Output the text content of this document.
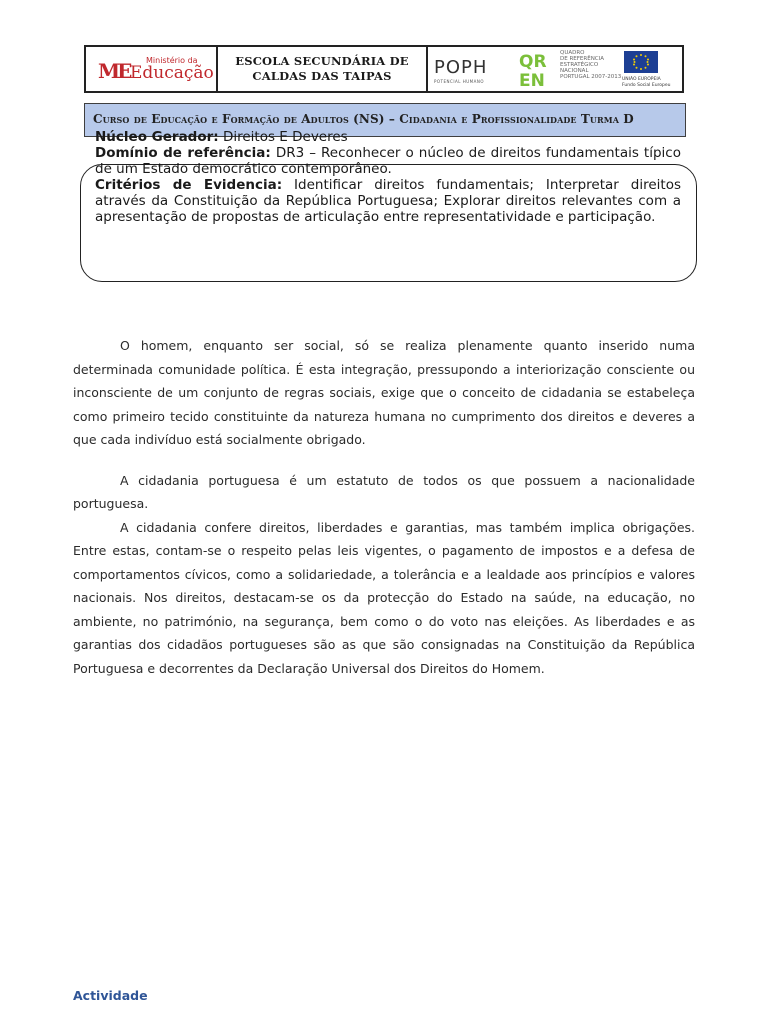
ME Ministério da
Educação
ESCOLA SECUNDÁRIA DE
CALDAS DAS TAIPAS POPH
POTENCIAL HUMANO
QR
EN
QUADRO
DE REFERÊNCIA
ESTRATÉGICO
NACIONAL
PORTUGAL 2007-2013 UNIÃO EUROPEIA
Fundo Social Europeu
Curso de Educação e Formação de Adultos (NS) – Cidadania e Profissionalidade Turma D

Núcleo Gerador: Direitos E Deveres

Domínio de referência: DR3 – Reconhecer o núcleo de direitos fundamentais típico de um Estado democrático contemporâneo.

Critérios de Evidencia: Identificar direitos fundamentais; Interpretar direitos através da Constituição da República Portuguesa; Explorar direitos relevantes com a apresentação de propostas de articulação entre representatividade e participação.

O homem, enquanto ser social, só se realiza plenamente quanto inserido numa determinada comunidade política. É esta integração, pressupondo a interiorização consciente ou inconsciente de um conjunto de regras sociais, exige que o conceito de cidadania se estabeleça como primeiro tecido constituinte da natureza humana no cumprimento dos direitos e deveres a que cada indivíduo está socialmente obrigado.

A cidadania portuguesa é um estatuto de todos os que possuem a nacionalidade portuguesa.

A cidadania confere direitos, liberdades e garantias, mas também implica obrigações. Entre estas, contam-se o respeito pelas leis vigentes, o pagamento de impostos e a defesa de comportamentos cívicos, como a solidariedade, a tolerância e a lealdade aos princípios e valores nacionais. Nos direitos, destacam-se os da protecção do Estado na saúde, na educação, no ambiente, no património, na segurança, bem como o do voto nas eleições. As liberdades e as garantias dos cidadãos portugueses são as que são consignadas na Constituição da República Portuguesa e decorrentes da Declaração Universal dos Direitos do Homem.

Actividade
